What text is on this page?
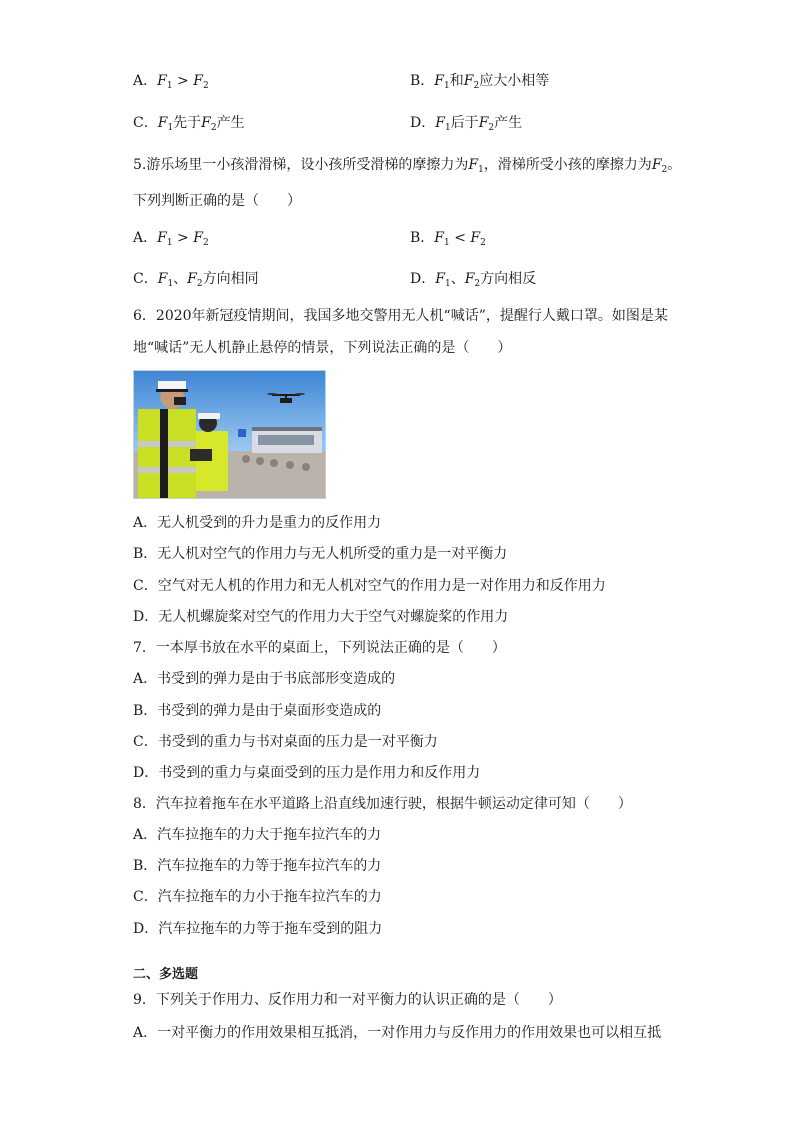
A．$F_1 > F_2$	B．$F_1$和$F_2$应大小相等
C．$F_1$先于$F_2$产生	D．$F_1$后于$F_2$产生
5.游乐场里一小孩滑滑梯，设小孩所受滑梯的摩擦力为$F_1$，滑梯所受小孩的摩擦力为$F_2$。
下列判断正确的是（　　）
A．$F_1 > F_2$	B．$F_1 < F_2$
C．$F_1$、$F_2$方向相同	D．$F_1$、$F_2$方向相反
6．2020年新冠疫情期间，我国多地交警用无人机“喊话”，提醒行人戴口罩。如图是某
地“喊话”无人机静止悬停的情景，下列说法正确的是（　　）
A．无人机受到的升力是重力的反作用力
B．无人机对空气的作用力与无人机所受的重力是一对平衡力
C．空气对无人机的作用力和无人机对空气的作用力是一对作用力和反作用力
D．无人机螺旋桨对空气的作用力大于空气对螺旋桨的作用力
7．一本厚书放在水平的桌面上，下列说法正确的是（　　）
A．书受到的弹力是由于书底部形变造成的
B．书受到的弹力是由于桌面形变造成的
C．书受到的重力与书对桌面的压力是一对平衡力
D．书受到的重力与桌面受到的压力是作用力和反作用力
8．汽车拉着拖车在水平道路上沿直线加速行驶，根据牛顿运动定律可知（　　）
A．汽车拉拖车的力大于拖车拉汽车的力
B．汽车拉拖车的力等于拖车拉汽车的力
C．汽车拉拖车的力小于拖车拉汽车的力
D．汽车拉拖车的力等于拖车受到的阻力
二、多选题
9．下列关于作用力、反作用力和一对平衡力的认识正确的是（　　）
A．一对平衡力的作用效果相互抵消，一对作用力与反作用力的作用效果也可以相互抵
